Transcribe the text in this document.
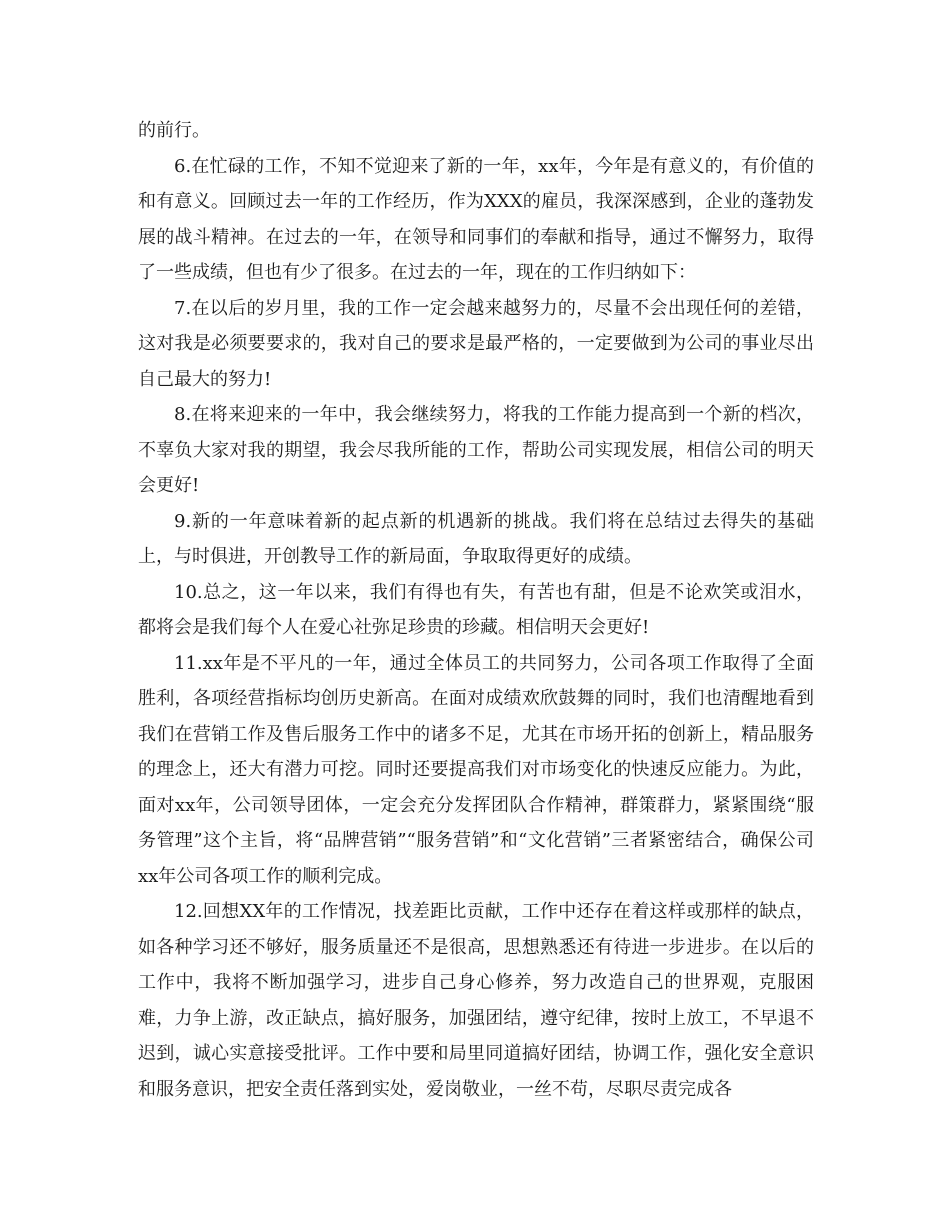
的前行。

6.在忙碌的工作，不知不觉迎来了新的一年，xx年，今年是有意义的，有价值的和有意义。回顾过去一年的工作经历，作为XXX的雇员，我深深感到，企业的蓬勃发展的战斗精神。在过去的一年，在领导和同事们的奉献和指导，通过不懈努力，取得了一些成绩，但也有少了很多。在过去的一年，现在的工作归纳如下：

7.在以后的岁月里，我的工作一定会越来越努力的，尽量不会出现任何的差错，这对我是必须要要求的，我对自己的要求是最严格的，一定要做到为公司的事业尽出自己最大的努力!

8.在将来迎来的一年中，我会继续努力，将我的工作能力提高到一个新的档次，不辜负大家对我的期望，我会尽我所能的工作，帮助公司实现发展，相信公司的明天会更好!

9.新的一年意味着新的起点新的机遇新的挑战。我们将在总结过去得失的基础上，与时俱进，开创教导工作的新局面，争取取得更好的成绩。

10.总之，这一年以来，我们有得也有失，有苦也有甜，但是不论欢笑或泪水，都将会是我们每个人在爱心社弥足珍贵的珍藏。相信明天会更好!

11.xx年是不平凡的一年，通过全体员工的共同努力，公司各项工作取得了全面胜利，各项经营指标均创历史新高。在面对成绩欢欣鼓舞的同时，我们也清醒地看到我们在营销工作及售后服务工作中的诸多不足，尤其在市场开拓的创新上，精品服务的理念上，还大有潜力可挖。同时还要提高我们对市场变化的快速反应能力。为此，面对xx年，公司领导团体，一定会充分发挥团队合作精神，群策群力，紧紧围绕“服务管理”这个主旨，将“品牌营销”“服务营销”和“文化营销”三者紧密结合，确保公司xx年公司各项工作的顺利完成。

12.回想XX年的工作情况，找差距比贡献，工作中还存在着这样或那样的缺点，如各种学习还不够好，服务质量还不是很高，思想熟悉还有待进一步进步。在以后的工作中，我将不断加强学习，进步自己身心修养，努力改造自己的世界观，克服困难，力争上游，改正缺点，搞好服务，加强团结，遵守纪律，按时上放工，不早退不迟到，诚心实意接受批评。工作中要和局里同道搞好团结，协调工作，强化安全意识和服务意识，把安全责任落到实处，爱岗敬业，一丝不苟，尽职尽责完成各
